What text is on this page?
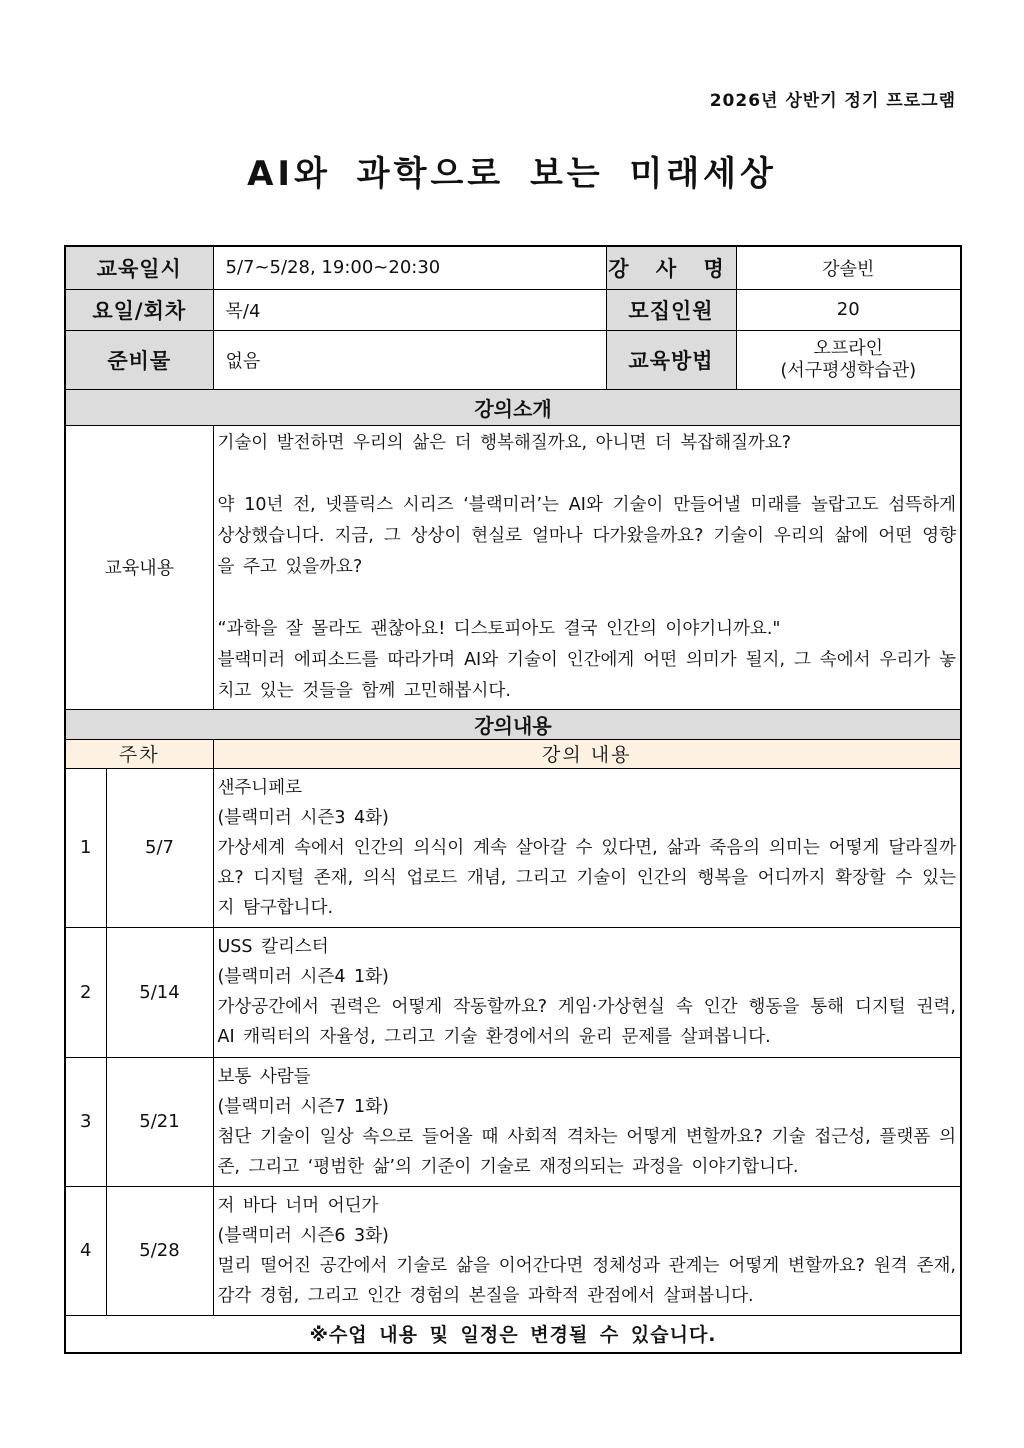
2026년 상반기 정기 프로그램
AI와 과학으로 보는 미래세상
교육일시		5/7~5/28, 19:00~20:30	강 사 명	강솔빈
요일/회차		목/4	모집인원	20
준비물		없음	교육방법	오프라인
(서구평생학습관)

강의소개				
교육내용		기술이 발전하면 우리의 삶은 더 행복해질까요, 아니면 더 복잡해질까요?

약 10년 전, 넷플릭스 시리즈 ‘블랙미러’는 AI와 기술이 만들어낼 미래를 놀랍고도 섬뜩하게 상상했습니다. 지금, 그 상상이 현실로 얼마나 다가왔을까요? 기술이 우리의 삶에 어떤 영향을 주고 있을까요?

“과학을 잘 몰라도 괜찮아요! 디스토피아도 결국 인간의 이야기니까요."

블랙미러 에피소드를 따라가며 AI와 기술이 인간에게 어떤 의미가 될지, 그 속에서 우리가 놓치고 있는 것들을 함께 고민해봅시다.		

강의내용				
주차		강의 내용		
1	5/7	샌주니페로
(블랙미러 시즌3 4화)
가상세계 속에서 인간의 의식이 계속 살아갈 수 있다면, 삶과 죽음의 의미는 어떻게 달라질까요? 디지털 존재, 의식 업로드 개념, 그리고 기술이 인간의 행복을 어디까지 확장할 수 있는지 탐구합니다.		

2	5/14	USS 칼리스터
(블랙미러 시즌4 1화)
가상공간에서 권력은 어떻게 작동할까요? 게임·가상현실 속 인간 행동을 통해 디지털 권력, AI 캐릭터의 자율성, 그리고 기술 환경에서의 윤리 문제를 살펴봅니다.		

3	5/21	보통 사람들
(블랙미러 시즌7 1화)
첨단 기술이 일상 속으로 들어올 때 사회적 격차는 어떻게 변할까요? 기술 접근성, 플랫폼 의존, 그리고 ‘평범한 삶’의 기준이 기술로 재정의되는 과정을 이야기합니다.		

4	5/28	저 바다 너머 어딘가
(블랙미러 시즌6 3화)
멀리 떨어진 공간에서 기술로 삶을 이어간다면 정체성과 관계는 어떻게 변할까요? 원격 존재, 감각 경험, 그리고 인간 경험의 본질을 과학적 관점에서 살펴봅니다.		

※수업 내용 및 일정은 변경될 수 있습니다.				
